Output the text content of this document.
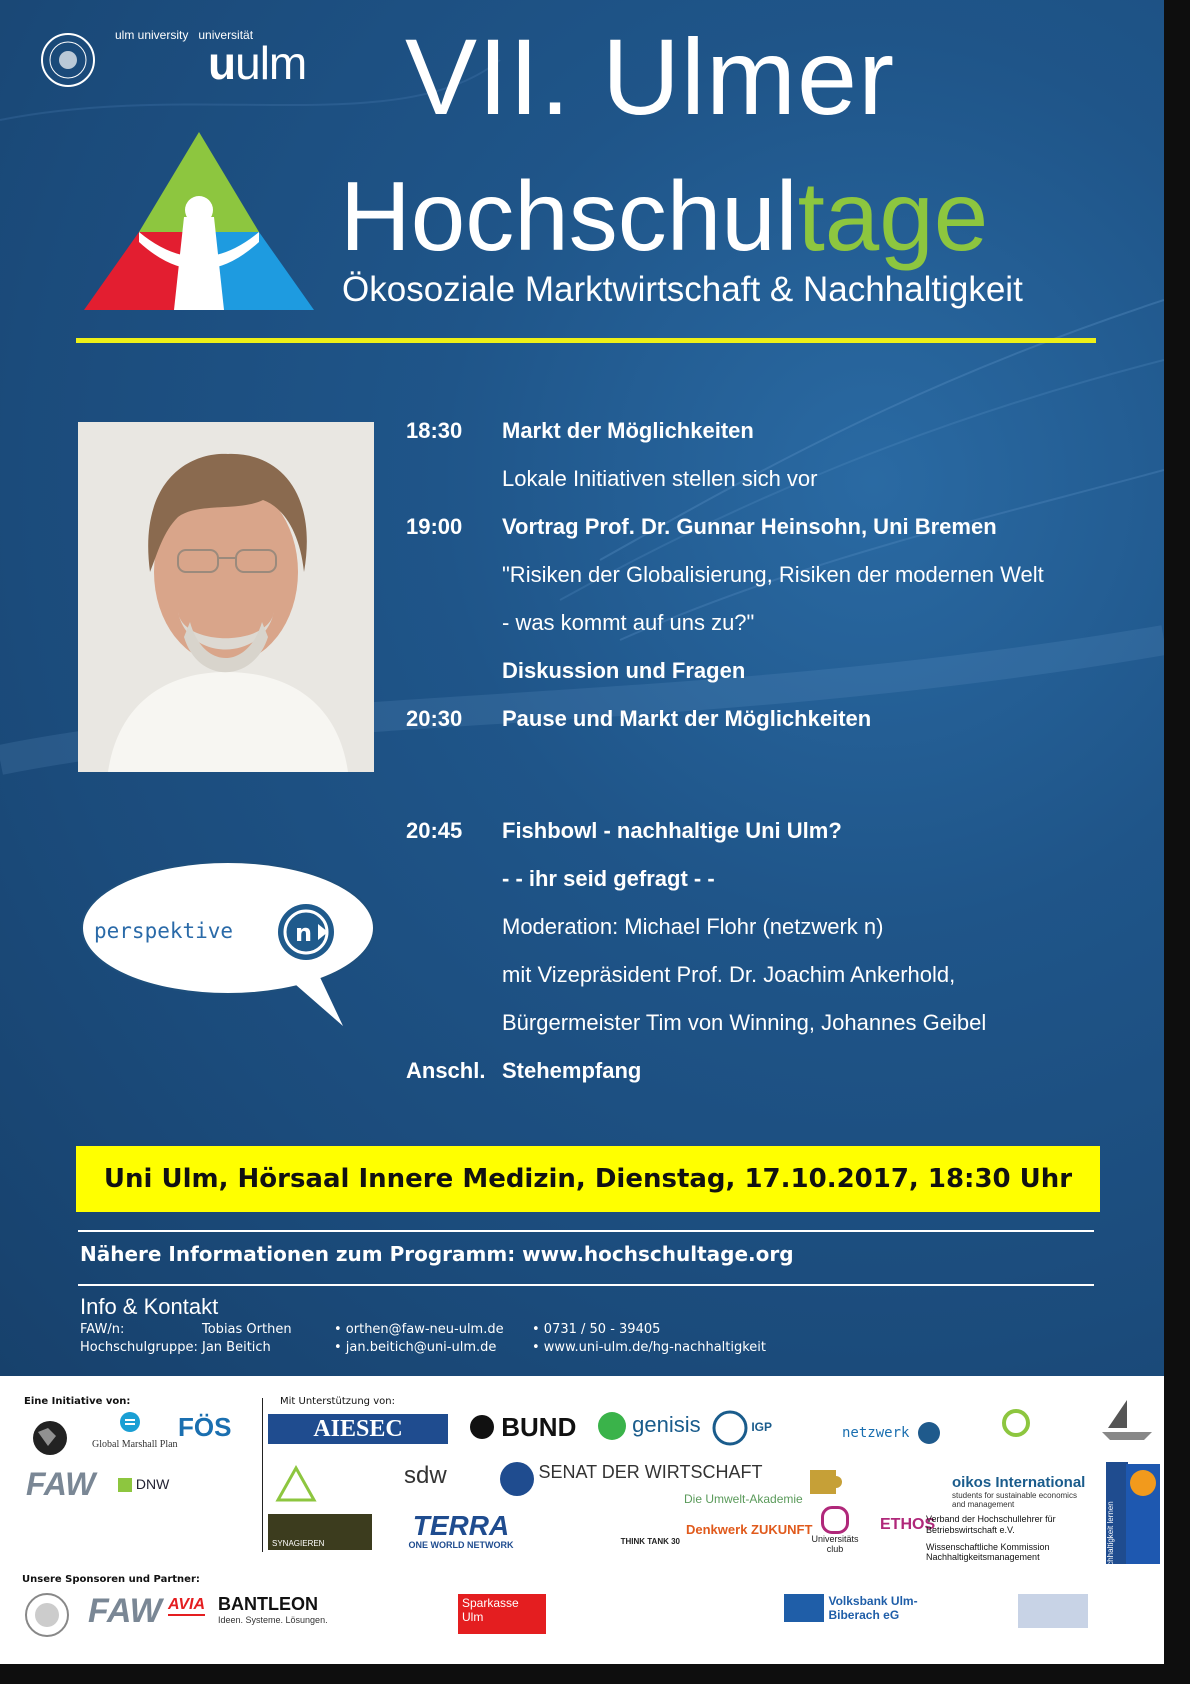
ulm university universität
uulm VII. Ulmer
Hochschultage
Ökosoziale Marktwirtschaft & Nachhaltigkeit
18:30	Markt der Möglichkeiten
Lokale Initiativen stellen sich vor
19:00	Vortrag Prof. Dr. Gunnar Heinsohn, Uni Bremen
"Risiken der Globalisierung, Risiken der modernen Welt
- was kommt auf uns zu?"
Diskussion und Fragen
20:30	Pause und Markt der Möglichkeiten
20:45	Fishbowl - nachhaltige Uni Ulm?
- - ihr seid gefragt - -
Moderation: Michael Flohr (netzwerk n)
mit Vizepräsident Prof. Dr. Joachim Ankerhold,
Bürgermeister Tim von Winning, Johannes Geibel
Anschl. Stehempfang
perspektive	n
Uni Ulm, Hörsaal Innere Medizin, Dienstag, 17.10.2017, 18:30 Uhr
Nähere Informationen zum Programm: www.hochschultage.org
Info & Kontakt
FAW/n:	Tobias Orthen	• orthen@faw-neu-ulm.de • 0731 / 50 - 39405
Hochschulgruppe: Jan Beitich	• jan.beitich@uni-ulm.de	• www.uni-ulm.de/hg-nachhaltigkeit
Eine Initiative von:	Mit Unterstützung von:
Global Marshall Plan
FÖS
FAW	DNW
AIESEC	BUND	genisis	IGP	netzwerk
sdw	SENAT DER WIRTSCHAFT
Die Umwelt-Akademie
oikos International
students for sustainable economics and management	Nachhaltigkeit lernen
SYNAGIEREN
TERRA
ONE WORLD NETWORK	THINK TANK 30
Denkwerk ZUKUNFT
Universitäts club
ETHOS
Verband der Hochschullehrer für Betriebswirtschaft e.V.
Wissenschaftliche Kommission Nachhaltigkeitsmanagement
Unsere Sponsoren und Partner:
FAW AVIA BANTLEON
Ideen. Systeme. Lösungen.
Sparkasse Ulm
Volksbank Ulm-Biberach eG
